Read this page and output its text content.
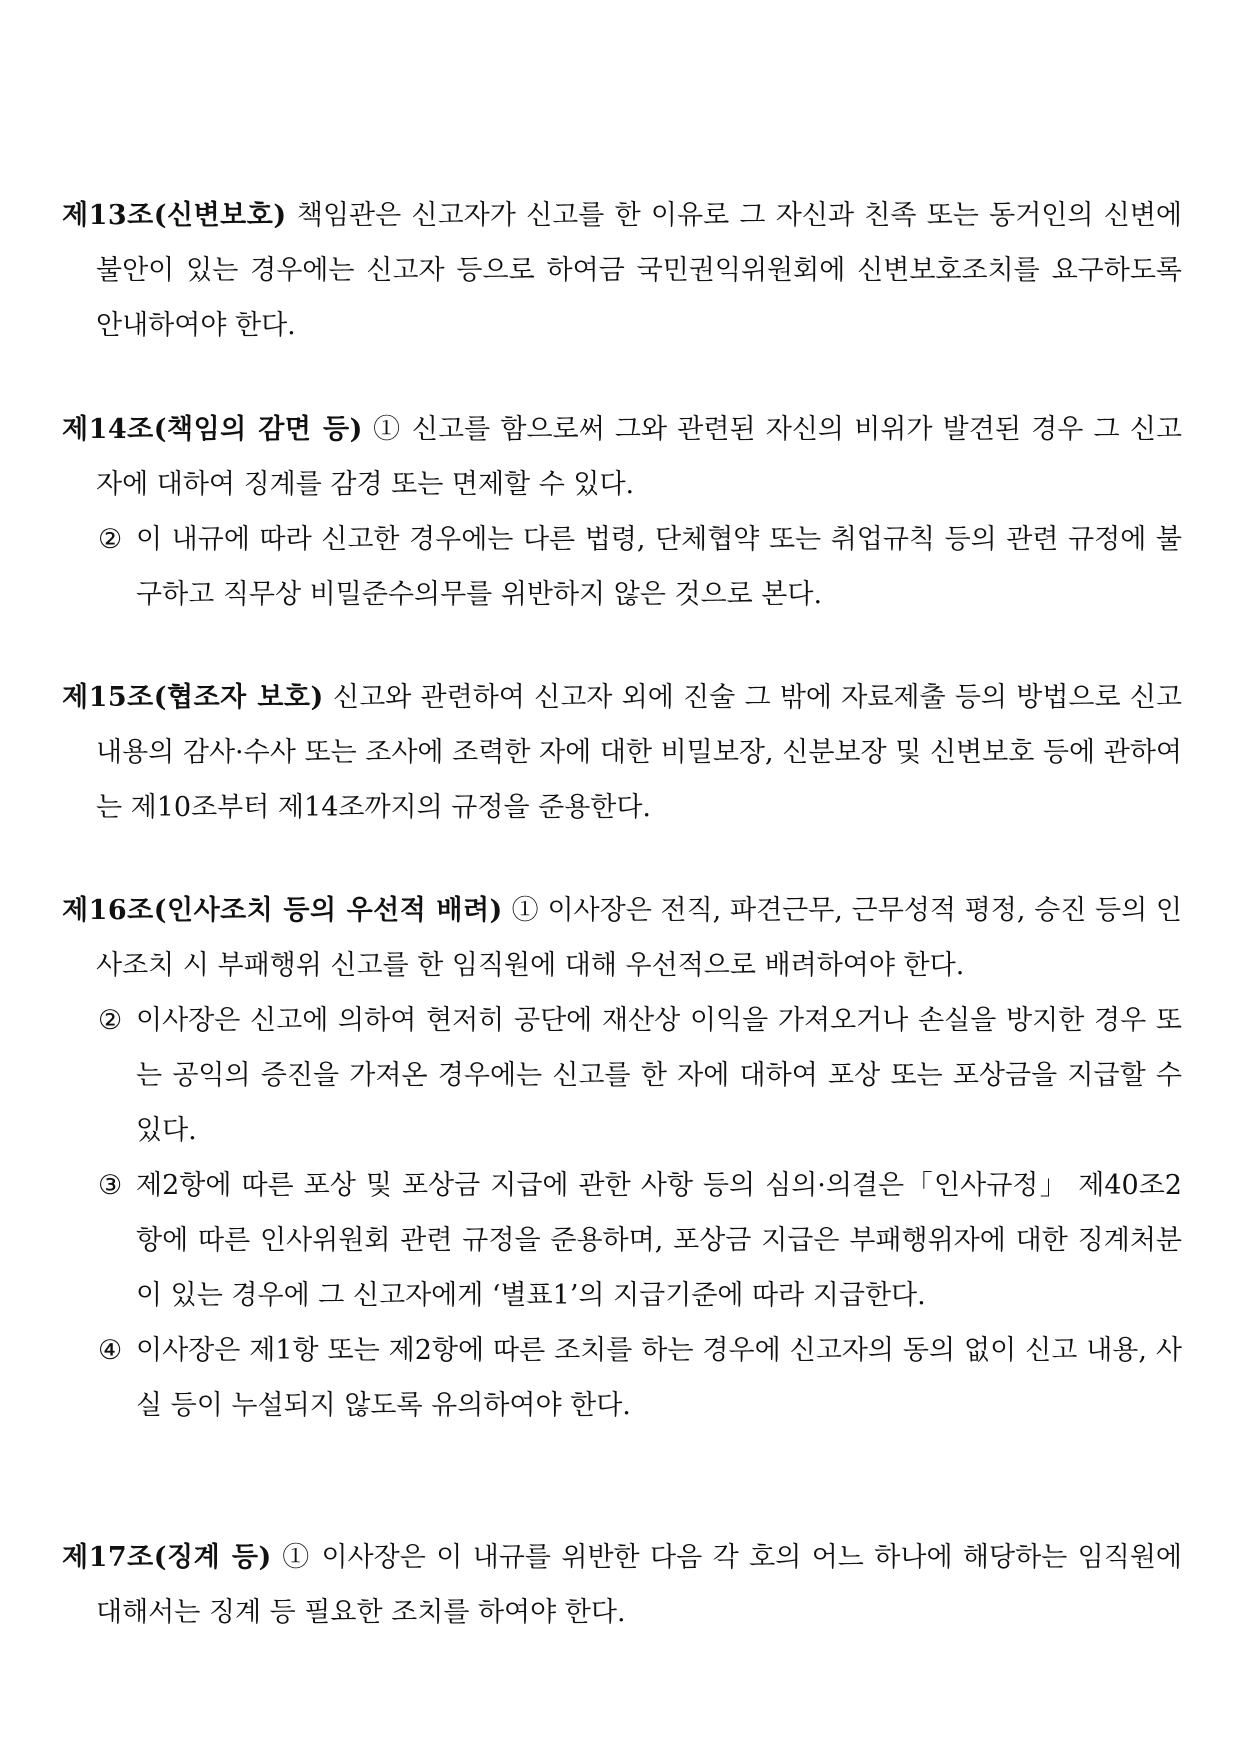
제13조(신변보호) 책임관은 신고자가 신고를 한 이유로 그 자신과 친족 또는 동거인의 신변에 불안이 있는 경우에는 신고자 등으로 하여금 국민권익위원회에 신변보호조치를 요구하도록 안내하여야 한다.
제14조(책임의 감면 등) ① 신고를 함으로써 그와 관련된 자신의 비위가 발견된 경우 그 신고자에 대하여 징계를 감경 또는 면제할 수 있다.
② 이 내규에 따라 신고한 경우에는 다른 법령, 단체협약 또는 취업규칙 등의 관련 규정에 불구하고 직무상 비밀준수의무를 위반하지 않은 것으로 본다.
제15조(협조자 보호) 신고와 관련하여 신고자 외에 진술 그 밖에 자료제출 등의 방법으로 신고내용의 감사·수사 또는 조사에 조력한 자에 대한 비밀보장, 신분보장 및 신변보호 등에 관하여는 제10조부터 제14조까지의 규정을 준용한다.
제16조(인사조치 등의 우선적 배려) ① 이사장은 전직, 파견근무, 근무성적 평정, 승진 등의 인사조치 시 부패행위 신고를 한 임직원에 대해 우선적으로 배려하여야 한다.
② 이사장은 신고에 의하여 현저히 공단에 재산상 이익을 가져오거나 손실을 방지한 경우 또는 공익의 증진을 가져온 경우에는 신고를 한 자에 대하여 포상 또는 포상금을 지급할 수 있다.
③ 제2항에 따른 포상 및 포상금 지급에 관한 사항 등의 심의·의결은「인사규정」 제40조2항에 따른 인사위원회 관련 규정을 준용하며, 포상금 지급은 부패행위자에 대한 징계처분이 있는 경우에 그 신고자에게 ‘별표1’의 지급기준에 따라 지급한다.
④ 이사장은 제1항 또는 제2항에 따른 조치를 하는 경우에 신고자의 동의 없이 신고 내용, 사실 등이 누설되지 않도록 유의하여야 한다.
제17조(징계 등) ① 이사장은 이 내규를 위반한 다음 각 호의 어느 하나에 해당하는 임직원에 대해서는 징계 등 필요한 조치를 하여야 한다.
